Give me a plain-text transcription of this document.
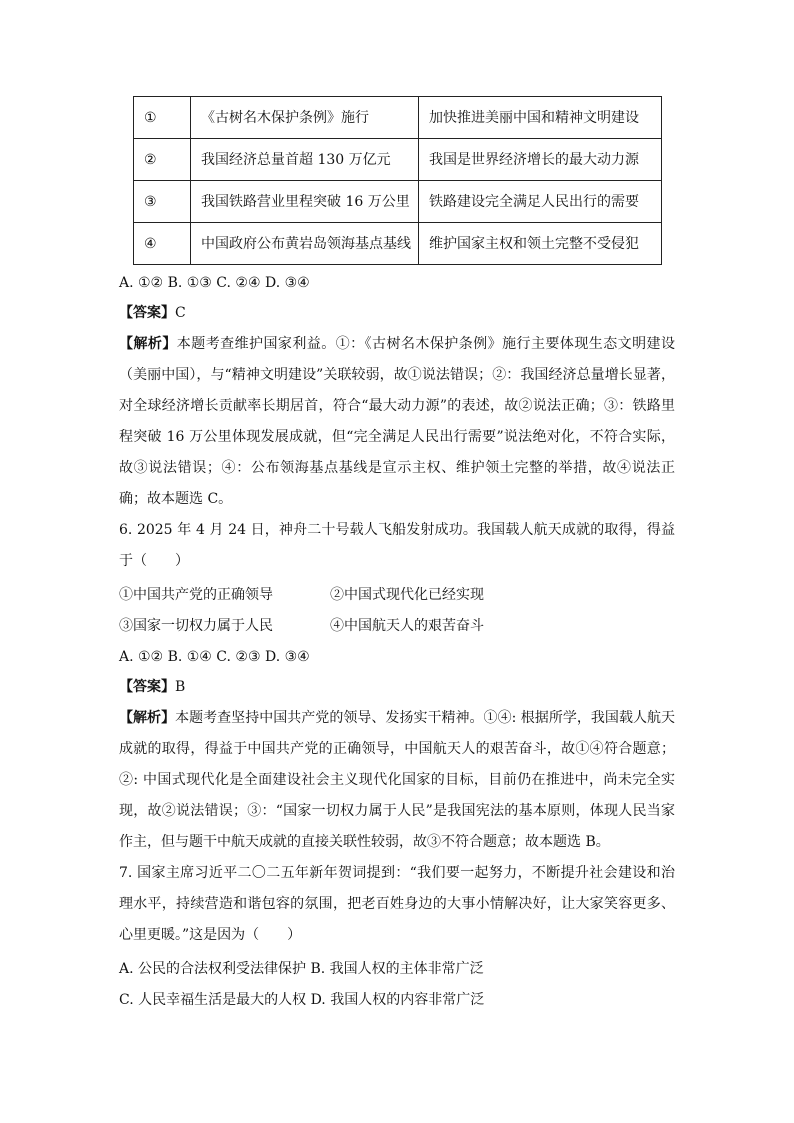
①	《古树名木保护条例》施行	加快推进美丽中国和精神文明建设
②	我国经济总量首超 130 万亿元	我国是世界经济增长的最大动力源
③	我国铁路营业里程突破 16 万公里	铁路建设完全满足人民出行的需要
④	中国政府公布黄岩岛领海基点基线	维护国家主权和领土完整不受侵犯
A. ①② B. ①③ C. ②④ D. ③④
【答案】C
【解析】本题考查维护国家利益。①：《古树名木保护条例》施行主要体现生态文明建设（美丽中国），与“精神文明建设”关联较弱，故①说法错误；②：我国经济总量增长显著，对全球经济增长贡献率长期居首，符合“最大动力源”的表述，故②说法正确；③：铁路里程突破 16 万公里体现发展成就，但“完全满足人民出行需要”说法绝对化，不符合实际，故③说法错误；④：公布领海基点基线是宣示主权、维护领土完整的举措，故④说法正确；故本题选 C。
6. 2025 年 4 月 24 日，神舟二十号载人飞船发射成功。我国载人航天成就的取得，得益于（　　）
①中国共产党的正确领导	②中国式现代化已经实现
③国家一切权力属于人民	④中国航天人的艰苦奋斗
A. ①② B. ①④ C. ②③ D. ③④
【答案】B
【解析】本题考查坚持中国共产党的领导、发扬实干精神。①④: 根据所学，我国载人航天成就的取得，得益于中国共产党的正确领导，中国航天人的艰苦奋斗，故①④符合题意；②: 中国式现代化是全面建设社会主义现代化国家的目标，目前仍在推进中，尚未完全实现，故②说法错误；③：“国家一切权力属于人民”是我国宪法的基本原则，体现人民当家作主，但与题干中航天成就的直接关联性较弱，故③不符合题意；故本题选 B。
7. 国家主席习近平二〇二五年新年贺词提到：“我们要一起努力，不断提升社会建设和治理水平，持续营造和谐包容的氛围，把老百姓身边的大事小情解决好，让大家笑容更多、心里更暖。”这是因为（　　）
A. 公民的合法权利受法律保护 B. 我国人权的主体非常广泛
C. 人民幸福生活是最大的人权 D. 我国人权的内容非常广泛
